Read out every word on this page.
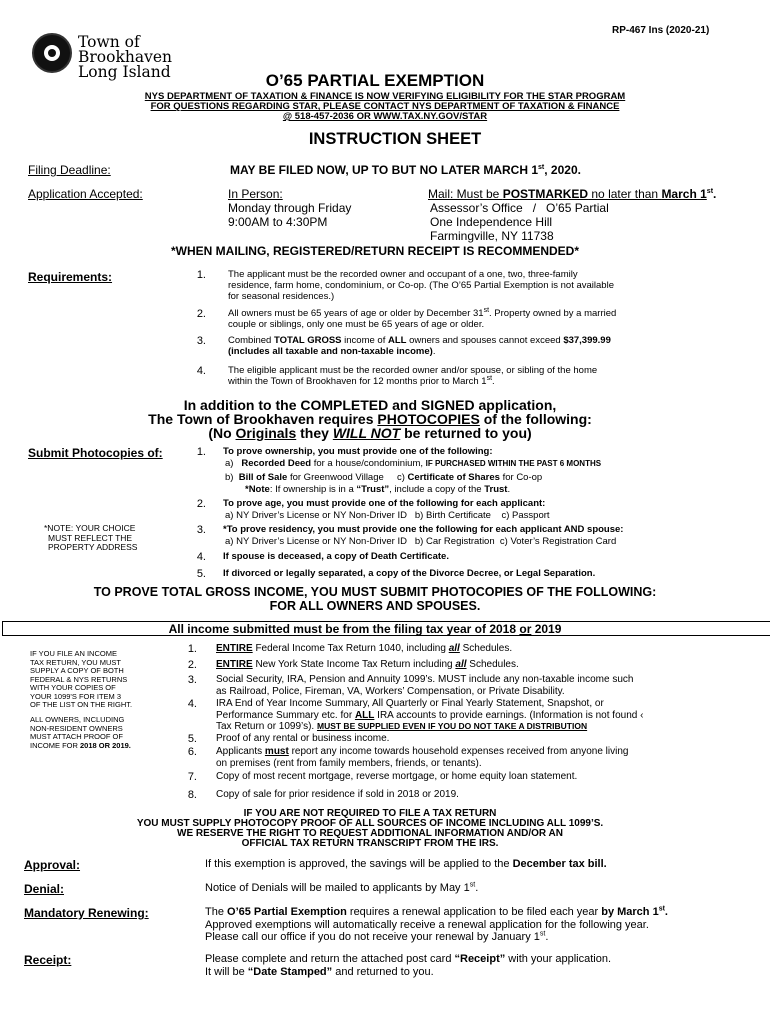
RP-467 Ins (2020-21)
Town of
Brookhaven
Long Island	O’65 PARTIAL EXEMPTION
NYS DEPARTMENT OF TAXATION & FINANCE IS NOW VERIFYING ELIGIBILITY FOR THE STAR PROGRAM
FOR QUESTIONS REGARDING STAR, PLEASE CONTACT NYS DEPARTMENT OF TAXATION & FINANCE
@ 518-457-2036 OR WWW.TAX.NY.GOV/STAR
INSTRUCTION SHEET
Filing Deadline:	MAY BE FILED NOW, UP TO BUT NO LATER MARCH 1st, 2020.
Application Accepted:	In Person:
Monday through Friday
9:00AM to 4:30PM
Mail: Must be POSTMARKED no later than March 1st.
Assessor’s Office   /   O’65 Partial
One Independence Hill
Farmingville, NY 11738
*WHEN MAILING, REGISTERED/RETURN RECEIPT IS RECOMMENDED*
Requirements:	1. The applicant must be the recorded owner and occupant of a one, two, three-family
residence, farm home, condominium, or Co-op. (The O’65 Partial Exemption is not available
for seasonal residences.)
2. All owners must be 65 years of age or older by December 31st. Property owned by a married
couple or siblings, only one must be 65 years of age or older.
3. Combined TOTAL GROSS income of ALL owners and spouses cannot exceed $37,399.99
(includes all taxable and non-taxable income).
4. The eligible applicant must be the recorded owner and/or spouse, or sibling of the home
within the Town of Brookhaven for 12 months prior to March 1st.
In addition to the COMPLETED and SIGNED application,
The Town of Brookhaven requires PHOTOCOPIES of the following:
(No Originals they WILL NOT be returned to you)
Submit Photocopies of:
*NOTE: YOUR CHOICE
MUST REFLECT THE
PROPERTY ADDRESS
1. To prove ownership, you must provide one of the following:
a) Recorded Deed for a house/condominium, IF PURCHASED WITHIN THE PAST 6 MONTHS
b) Bill of Sale for Greenwood Village c) Certificate of Shares for Co-op
*Note: If ownership is in a “Trust”, include a copy of the Trust.
2. To prove age, you must provide one of the following for each applicant:
a) NY Driver’s License or NY Non-Driver ID b) Birth Certificate c) Passport
3. *To prove residency, you must provide one the following for each applicant AND spouse:
a) NY Driver’s License or NY Non-Driver ID b) Car Registration c) Voter’s Registration Card
4. If spouse is deceased, a copy of Death Certificate.
5. If divorced or legally separated, a copy of the Divorce Decree, or Legal Separation.
TO PROVE TOTAL GROSS INCOME, YOU MUST SUBMIT PHOTOCOPIES OF THE FOLLOWING:
FOR ALL OWNERS AND SPOUSES.
All income submitted must be from the filing tax year of 2018 or 2019
IF YOU FILE AN INCOME
TAX RETURN, YOU MUST
SUPPLY A COPY OF BOTH
FEDERAL & NYS RETURNS
WITH YOUR COPIES OF
YOUR 1099'S FOR ITEM 3
OF THE LIST ON THE RIGHT.
ALL OWNERS, INCLUDING
NON-RESIDENT OWNERS
MUST ATTACH PROOF OF
INCOME FOR 2018 OR 2019.
1. ENTIRE Federal Income Tax Return 1040, including all Schedules.
2. ENTIRE New York State Income Tax Return including all Schedules.
3. Social Security, IRA, Pension and Annuity 1099’s. MUST include any non-taxable income such
as Railroad, Police, Fireman, VA, Workers’ Compensation, or Private Disability.
4. IRA End of Year Income Summary, All Quarterly or Final Yearly Statement, Snapshot, or
Performance Summary etc. for ALL IRA accounts to provide earnings. (Information is not found ‹
Tax Return or 1099’s). MUST BE SUPPLIED EVEN IF YOU DO NOT TAKE A DISTRIBUTION
5. Proof of any rental or business income.
6. Applicants must report any income towards household expenses received from anyone living
on premises (rent from family members, friends, or tenants).
7. Copy of most recent mortgage, reverse mortgage, or home equity loan statement.
8. Copy of sale for prior residence if sold in 2018 or 2019.
IF YOU ARE NOT REQUIRED TO FILE A TAX RETURN
YOU MUST SUPPLY PHOTOCOPY PROOF OF ALL SOURCES OF INCOME INCLUDING ALL 1099’S.
WE RESERVE THE RIGHT TO REQUEST ADDITIONAL INFORMATION AND/OR AN
OFFICIAL TAX RETURN TRANSCRIPT FROM THE IRS.
Approval:	If this exemption is approved, the savings will be applied to the December tax bill.
Denial:	Notice of Denials will be mailed to applicants by May 1st.
Mandatory Renewing:	The O’65 Partial Exemption requires a renewal application to be filed each year by March 1st.
Approved exemptions will automatically receive a renewal application for the following year.
Please call our office if you do not receive your renewal by January 1st.
Receipt:	Please complete and return the attached post card “Receipt” with your application.
It will be “Date Stamped” and returned to you.
